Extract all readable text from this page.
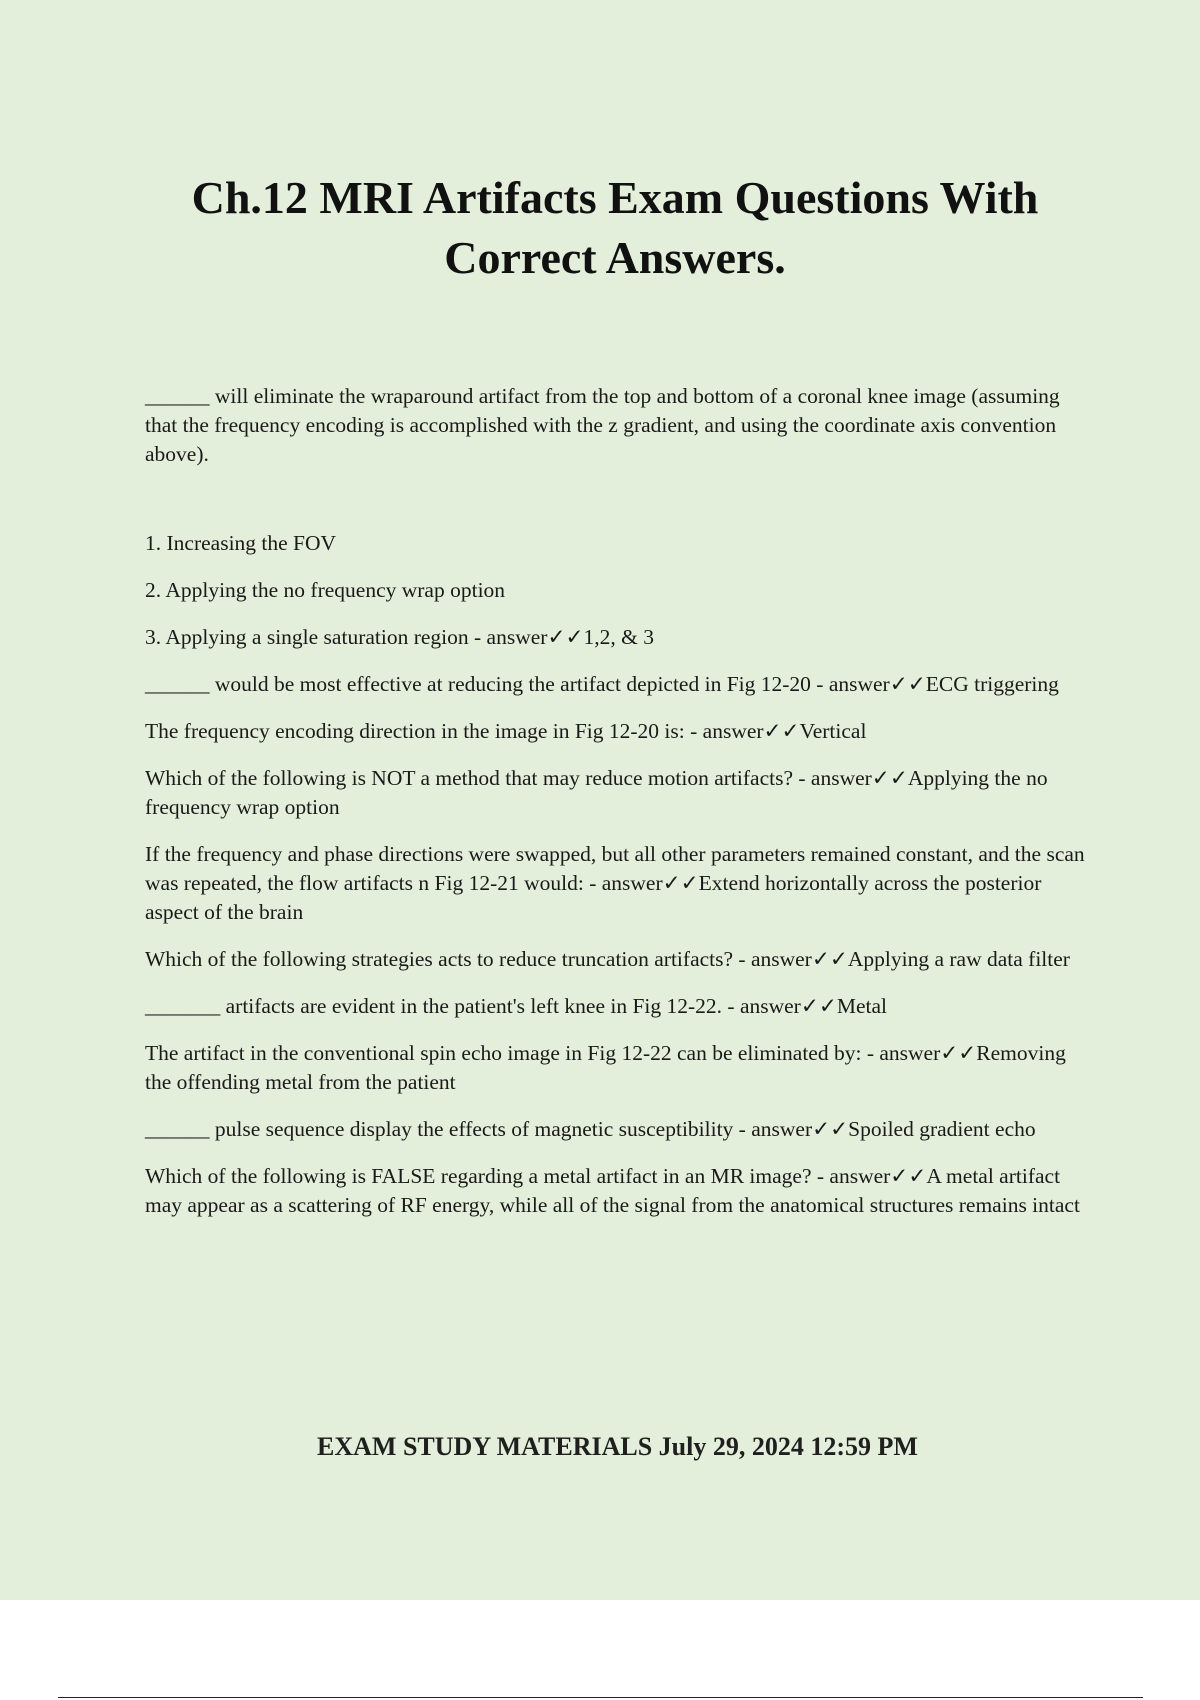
Ch.12 MRI Artifacts Exam Questions With Correct Answers.

______ will eliminate the wraparound artifact from the top and bottom of a coronal knee image (assuming that the frequency encoding is accomplished with the z gradient, and using the coordinate axis convention above).

1. Increasing the FOV

2. Applying the no frequency wrap option

3. Applying a single saturation region - answer✓✓1,2, & 3

______ would be most effective at reducing the artifact depicted in Fig 12-20 - answer✓✓ECG triggering

The frequency encoding direction in the image in Fig 12-20 is: - answer✓✓Vertical

Which of the following is NOT a method that may reduce motion artifacts? - answer✓✓Applying the no frequency wrap option

If the frequency and phase directions were swapped, but all other parameters remained constant, and the scan was repeated, the flow artifacts n Fig 12-21 would: - answer✓✓Extend horizontally across the posterior aspect of the brain

Which of the following strategies acts to reduce truncation artifacts? - answer✓✓Applying a raw data filter

_______ artifacts are evident in the patient's left knee in Fig 12-22. - answer✓✓Metal

The artifact in the conventional spin echo image in Fig 12-22 can be eliminated by: - answer✓✓Removing the offending metal from the patient

______ pulse sequence display the effects of magnetic susceptibility - answer✓✓Spoiled gradient echo

Which of the following is FALSE regarding a metal artifact in an MR image? - answer✓✓A metal artifact may appear as a scattering of RF energy, while all of the signal from the anatomical structures remains intact

EXAM STUDY MATERIALS July 29, 2024 12:59 PM
